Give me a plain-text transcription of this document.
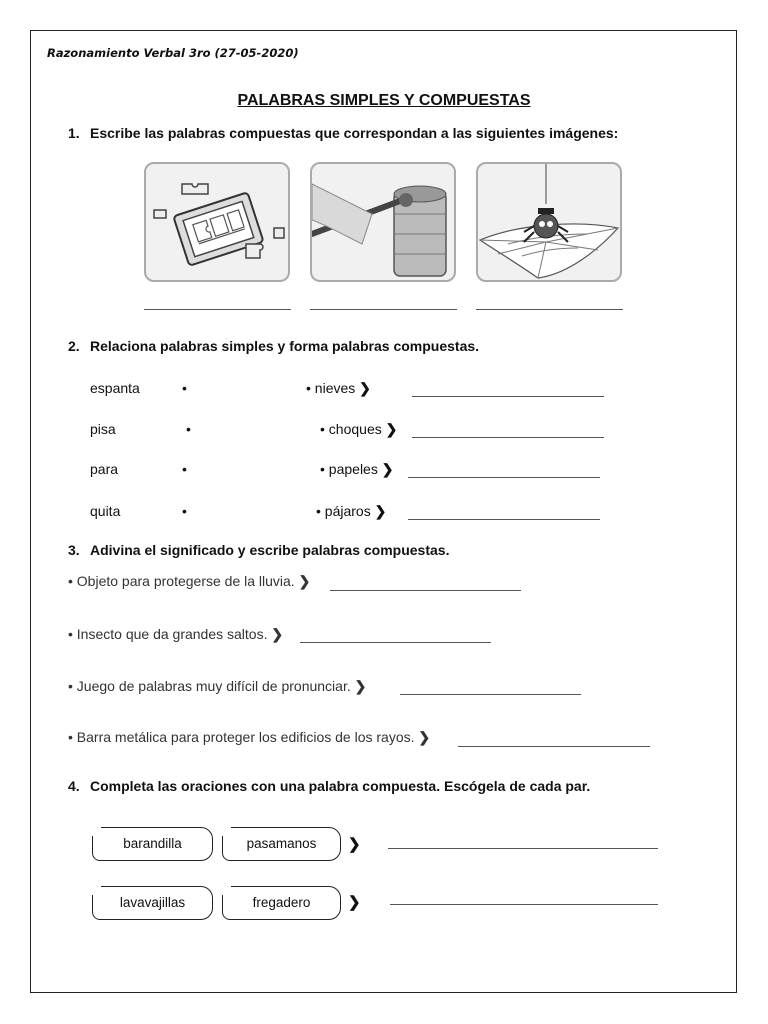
Razonamiento Verbal 3ro (27-05-2020)
PALABRAS SIMPLES Y COMPUESTAS
1. Escribe las palabras compuestas que correspondan a las siguientes imágenes:
2. Relaciona palabras simples y forma palabras compuestas.
espanta	•	• nieves ❯
pisa	•	• choques ❯
para	•	• papeles ❯
quita	•	• pájaros ❯
3. Adivina el significado y escribe palabras compuestas.
• Objeto para protegerse de la lluvia. ❯
• Insecto que da grandes saltos. ❯
• Juego de palabras muy difícil de pronunciar. ❯
• Barra metálica para proteger los edificios de los rayos. ❯
4. Completa las oraciones con una palabra compuesta. Escógela de cada par.
barandilla	pasamanos	❯
lavavajillas	fregadero	❯
